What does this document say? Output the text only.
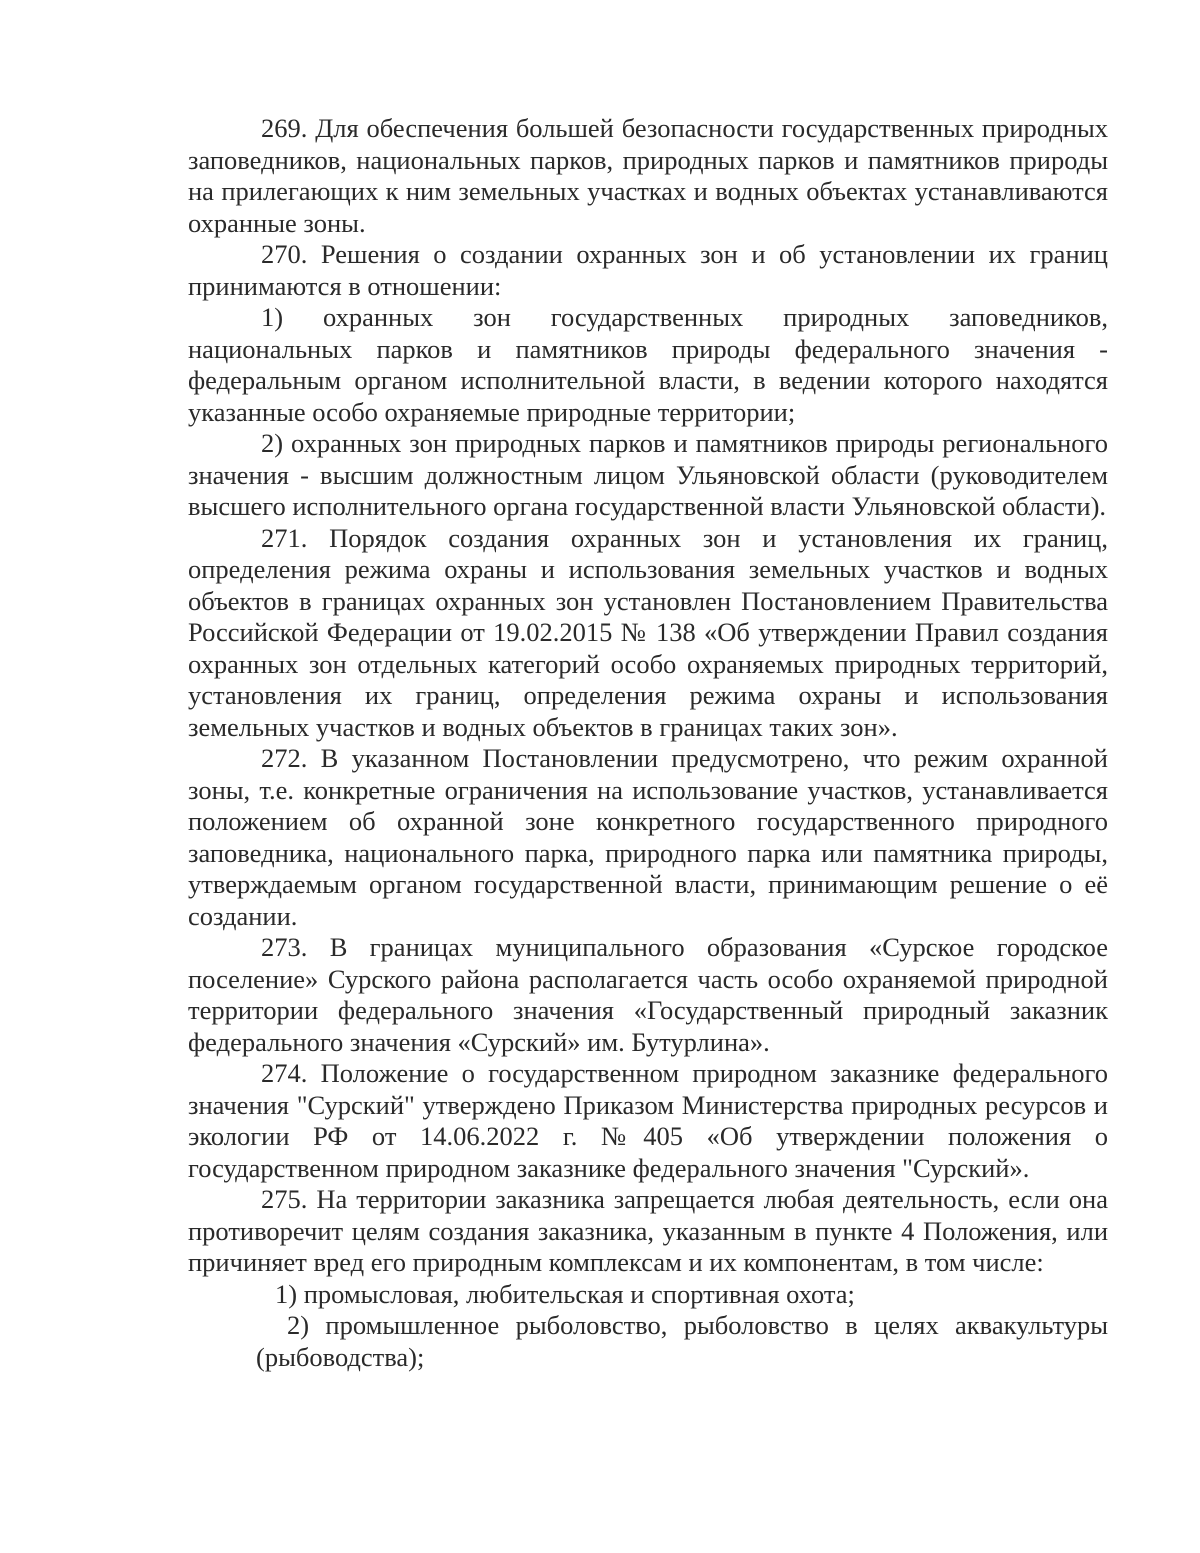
269. Для обеспечения большей безопасности государственных природных заповедников, национальных парков, природных парков и памятников природы на прилегающих к ним земельных участках и водных объектах устанавливаются охранные зоны.

270. Решения о создании охранных зон и об установлении их границ принимаются в отношении:

1) охранных зон государственных природных заповедников, национальных парков и памятников природы федерального значения - федеральным органом исполнительной власти, в ведении которого находятся указанные особо охраняемые природные территории;

2) охранных зон природных парков и памятников природы регионального значения - высшим должностным лицом Ульяновской области (руководителем высшего исполнительного органа государственной власти Ульяновской области).

271. Порядок создания охранных зон и установления их границ, определения режима охраны и использования земельных участков и водных объектов в границах охранных зон установлен Постановлением Правительства Российской Федерации от 19.02.2015 № 138 «Об утверждении Правил создания охранных зон отдельных категорий особо охраняемых природных территорий, установления их границ, определения режима охраны и использования земельных участков и водных объектов в границах таких зон».

272. В указанном Постановлении предусмотрено, что режим охранной зоны, т.е. конкретные ограничения на использование участков, устанавливается положением об охранной зоне конкретного государственного природного заповедника, национального парка, природного парка или памятника природы, утверждаемым органом государственной власти, принимающим решение о её создании.

273. В границах муниципального образования «Сурское городское поселение» Сурского района располагается часть особо охраняемой природной территории федерального значения «Государственный природный заказник федерального значения «Сурский» им. Бутурлина».

274. Положение о государственном природном заказнике федерального значения "Сурский" утверждено Приказом Министерства природных ресурсов и экологии РФ от 14.06.2022 г. №405 «Об утверждении положения о государственном природном заказнике федерального значения "Сурский».

275. На территории заказника запрещается любая деятельность, если она противоречит целям создания заказника, указанным в пункте 4 Положения, или причиняет вред его природным комплексам и их компонентам, в том числе:

1) промысловая, любительская и спортивная охота;

2) промышленное рыболовство, рыболовство в целях аквакультуры (рыбоводства);
